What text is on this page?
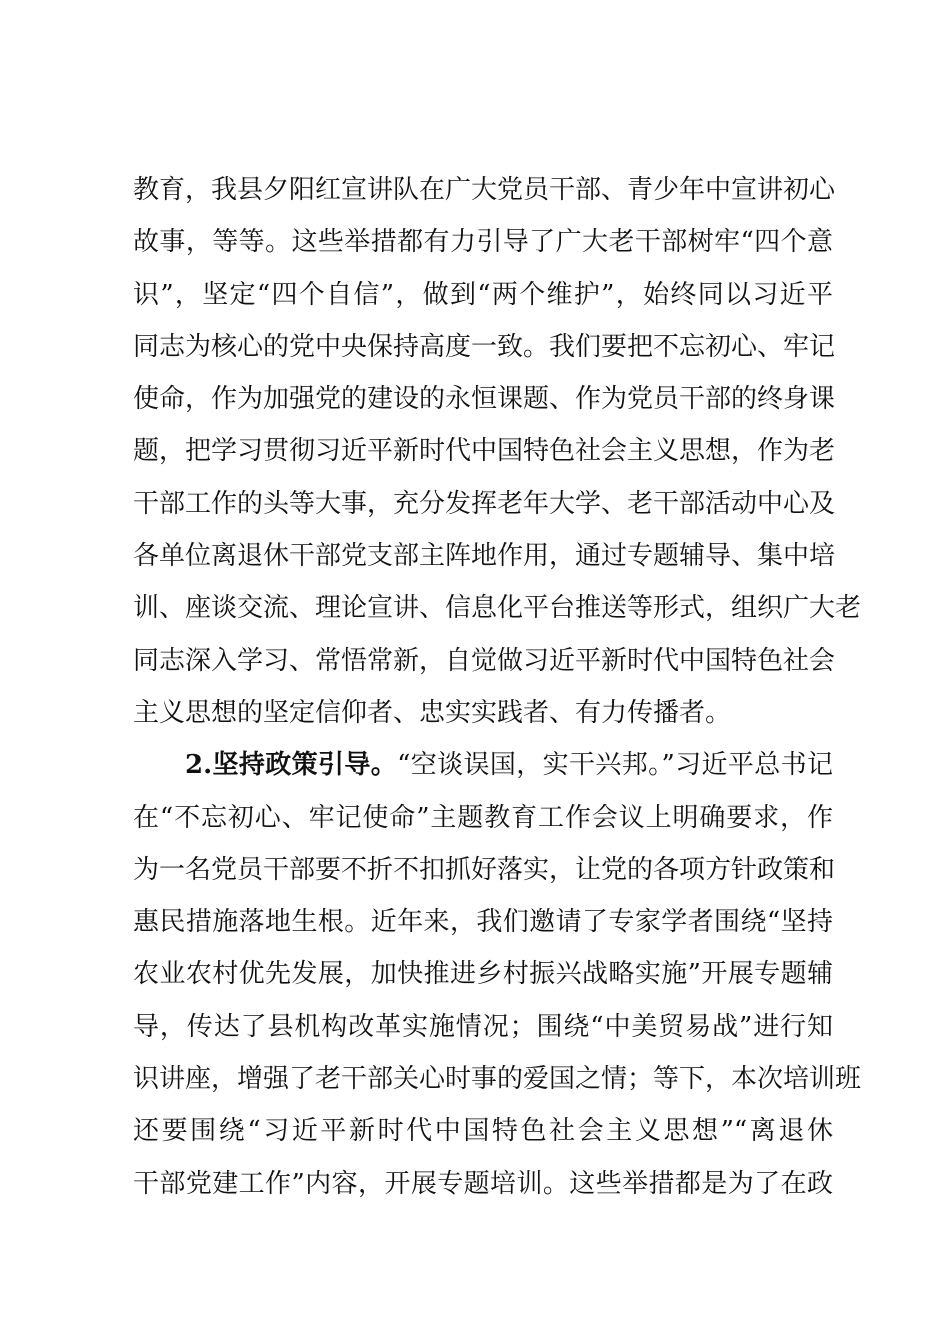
教育，我县夕阳红宣讲队在广大党员干部、青少年中宣讲初心
故事，等等。这些举措都有力引导了广大老干部树牢“四个意
识”，坚定“四个自信”，做到“两个维护”，始终同以习近平
同志为核心的党中央保持高度一致。我们要把不忘初心、牢记
使命，作为加强党的建设的永恒课题、作为党员干部的终身课
题，把学习贯彻习近平新时代中国特色社会主义思想，作为老
干部工作的头等大事，充分发挥老年大学、老干部活动中心及
各单位离退休干部党支部主阵地作用，通过专题辅导、集中培
训、座谈交流、理论宣讲、信息化平台推送等形式，组织广大老
同志深入学习、常悟常新，自觉做习近平新时代中国特色社会
主义思想的坚定信仰者、忠实实践者、有力传播者。
2.坚持政策引导。“空谈误国，实干兴邦。”习近平总书记
在“不忘初心、牢记使命”主题教育工作会议上明确要求，作
为一名党员干部要不折不扣抓好落实，让党的各项方针政策和
惠民措施落地生根。近年来，我们邀请了专家学者围绕“坚持
农业农村优先发展，加快推进乡村振兴战略实施”开展专题辅
导，传达了县机构改革实施情况；围绕“中美贸易战”进行知
识讲座，增强了老干部关心时事的爱国之情；等下，本次培训班
还要围绕“习近平新时代中国特色社会主义思想”“离退休
干部党建工作”内容，开展专题培训。这些举措都是为了在政
